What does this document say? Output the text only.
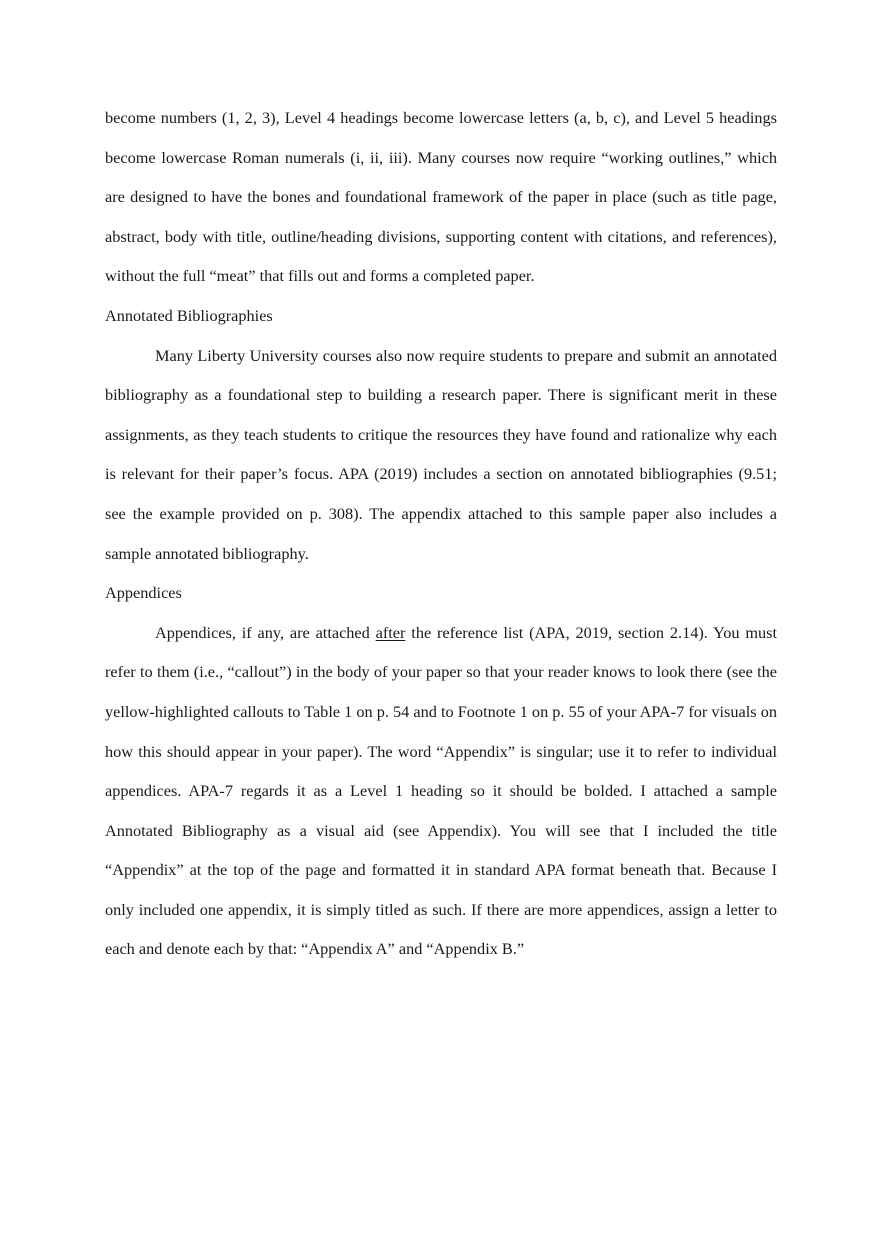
become numbers (1, 2, 3), Level 4 headings become lowercase letters (a, b, c), and Level 5 headings become lowercase Roman numerals (i, ii, iii). Many courses now require “working outlines,” which are designed to have the bones and foundational framework of the paper in place (such as title page, abstract, body with title, outline/heading divisions, supporting content with citations, and references), without the full “meat” that fills out and forms a completed paper.

Annotated Bibliographies

Many Liberty University courses also now require students to prepare and submit an annotated bibliography as a foundational step to building a research paper. There is significant merit in these assignments, as they teach students to critique the resources they have found and rationalize why each is relevant for their paper’s focus. APA (2019) includes a section on annotated bibliographies (9.51; see the example provided on p. 308). The appendix attached to this sample paper also includes a sample annotated bibliography.

Appendices

Appendices, if any, are attached after the reference list (APA, 2019, section 2.14). You must refer to them (i.e., “callout”) in the body of your paper so that your reader knows to look there (see the yellow-highlighted callouts to Table 1 on p. 54 and to Footnote 1 on p. 55 of your APA-7 for visuals on how this should appear in your paper). The word “Appendix” is singular; use it to refer to individual appendices. APA-7 regards it as a Level 1 heading so it should be bolded. I attached a sample Annotated Bibliography as a visual aid (see Appendix). You will see that I included the title “Appendix” at the top of the page and formatted it in standard APA format beneath that. Because I only included one appendix, it is simply titled as such. If there are more appendices, assign a letter to each and denote each by that: “Appendix A” and “Appendix B.”
